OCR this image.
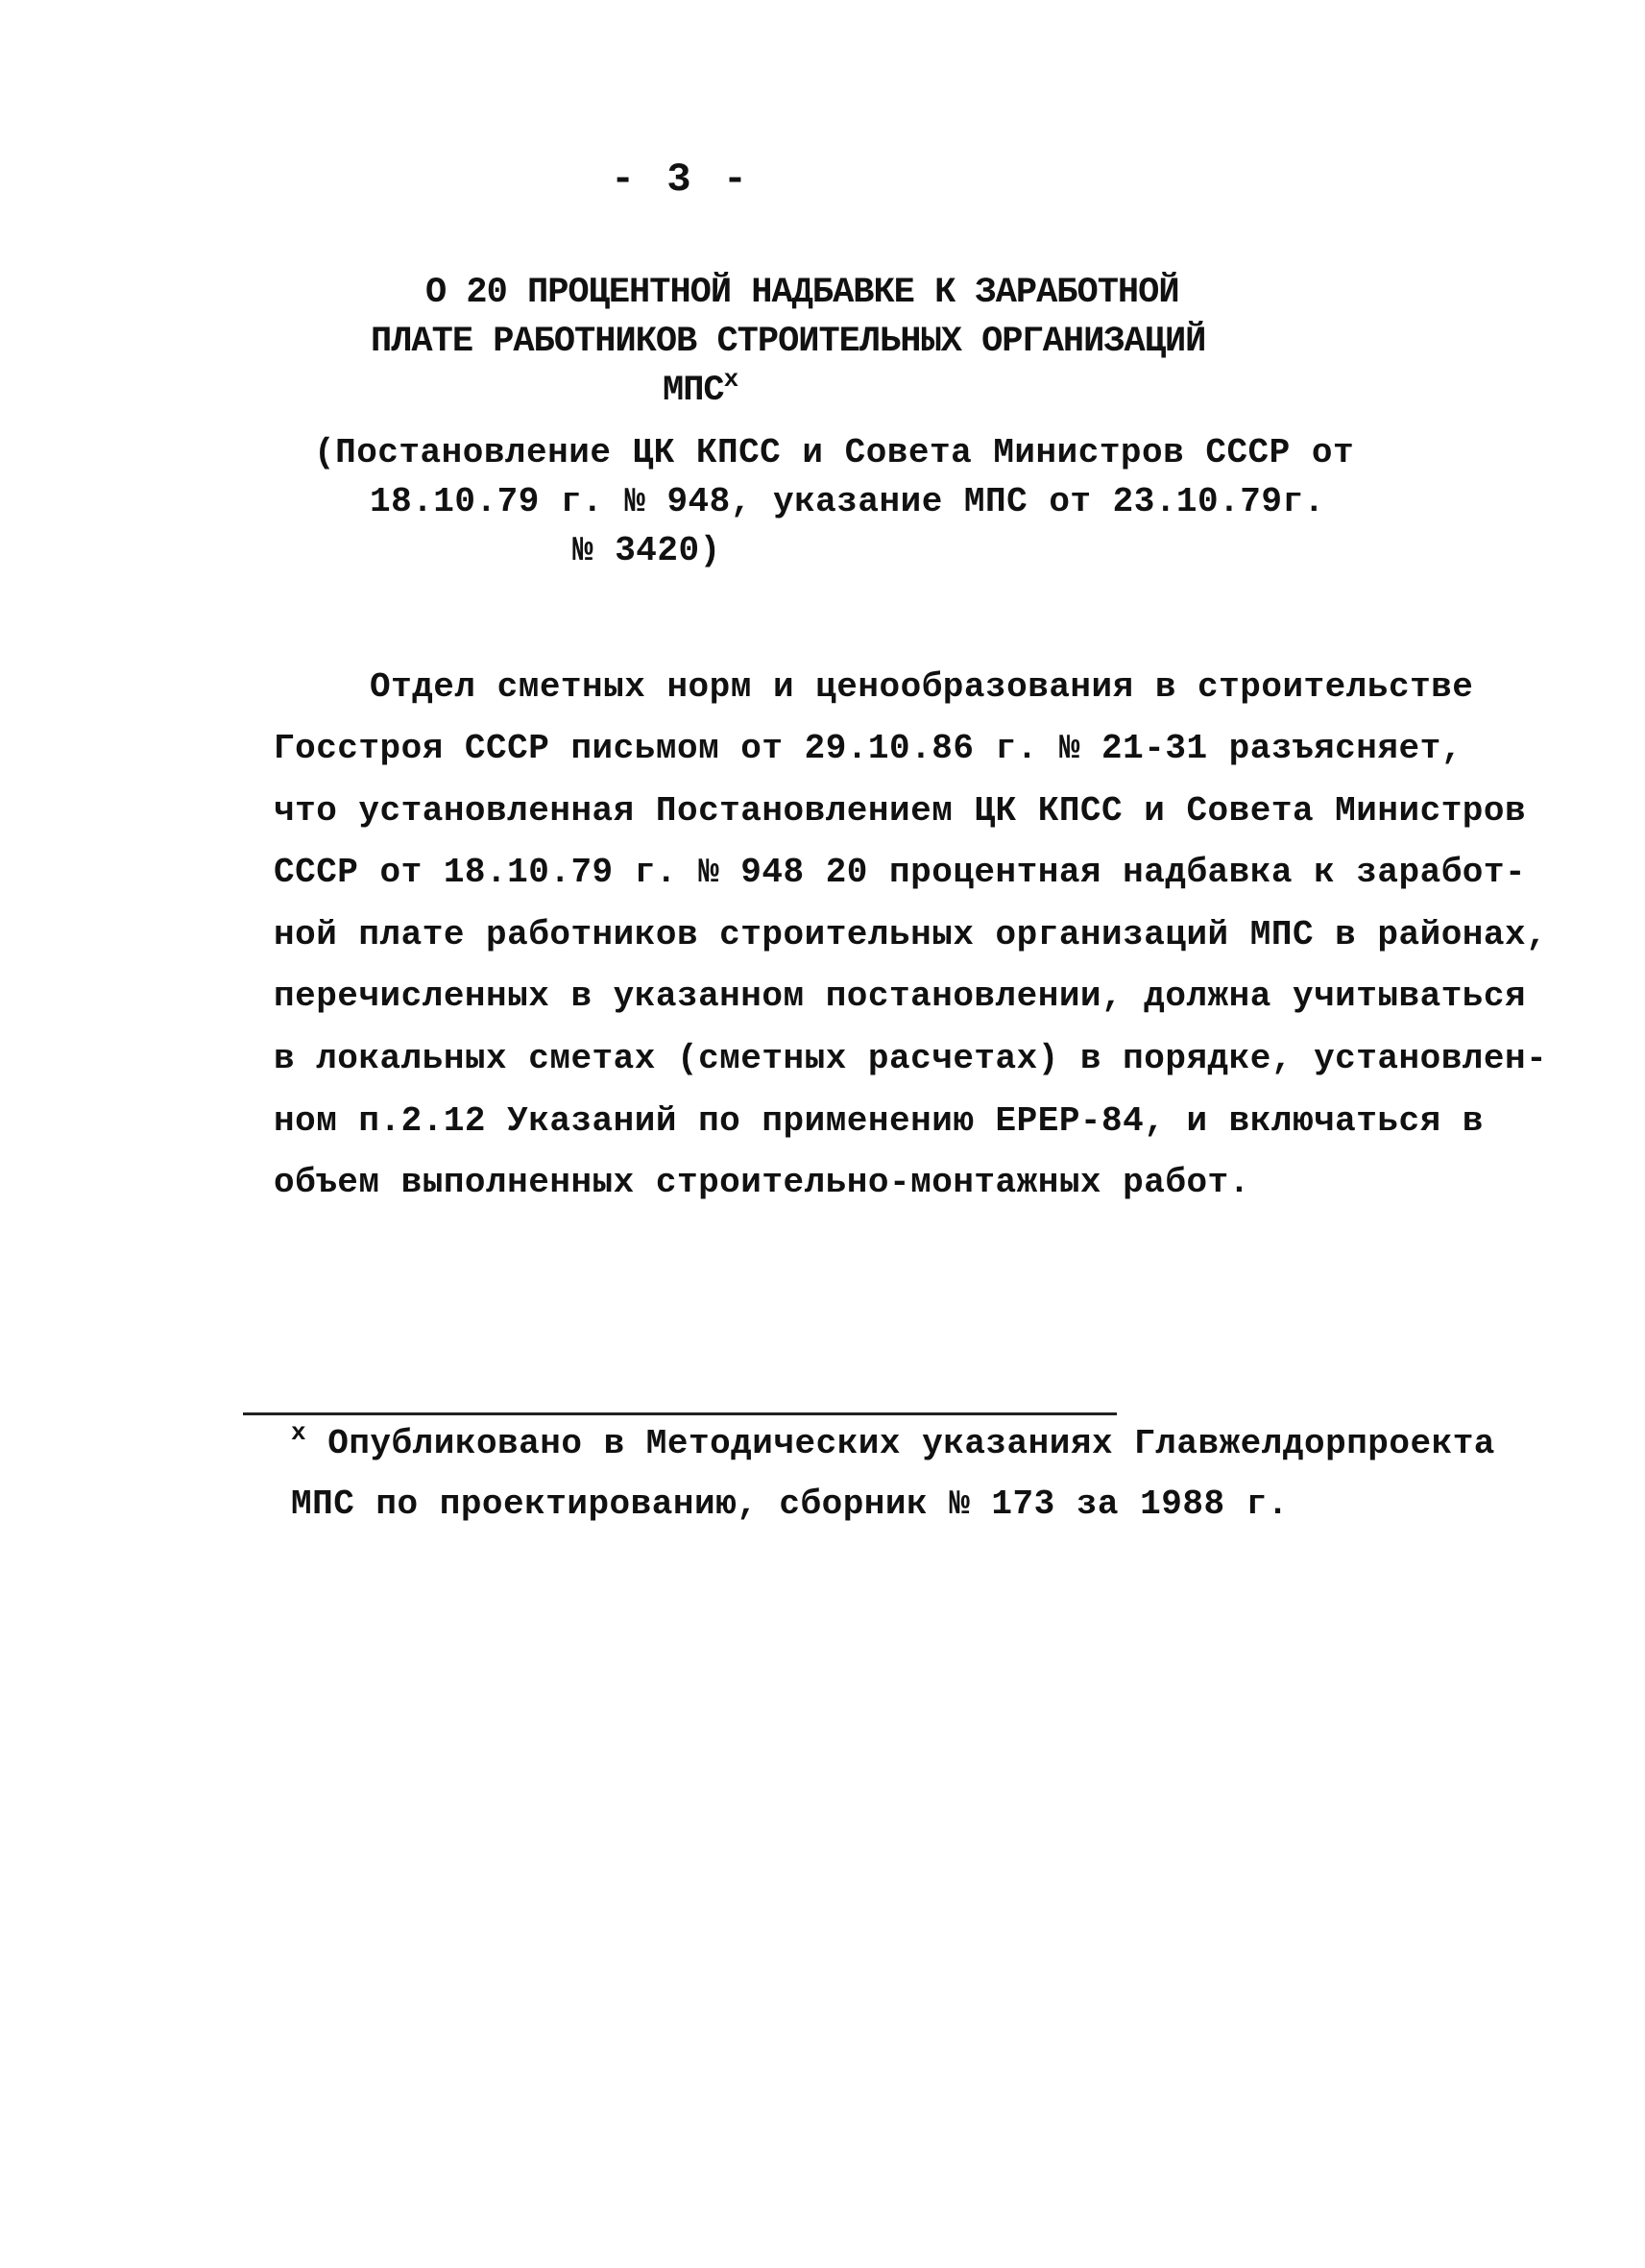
- 3 -
О 20 ПРОЦЕНТНОЙ НАДБАВКЕ К ЗАРАБОТНОЙ
ПЛАТЕ РАБОТНИКОВ СТРОИТЕЛЬНЫХ ОРГАНИЗАЦИЙ
$МПС^х$
(Постановление ЦК КПСС и Совета Министров СССР от
18.10.79 г. № 948, указание МПС от 23.10.79г.
№ 3420)
Отдел сметных норм и ценообразования в строительстве
Госстроя СССР письмом от 29.10.86 г. № 21-31 разъясняет,
что установленная Постановлением ЦК КПСС и Совета Министров
СССР от 18.10.79 г. № 948 20 процентная надбавка к заработ-
ной плате работников строительных организаций МПС в районах,
перечисленных в указанном постановлении, должна учитываться
в локальных сметах (сметных расчетах) в порядке, установлен-
ном п.2.12 Указаний по применению ЕРЕР-84, и включаться в
объем выполненных строительно-монтажных работ.
$^х$ Опубликовано в Методических указаниях Главжелдорпроекта
МПС по проектированию, сборник № 173 за 1988 г.
